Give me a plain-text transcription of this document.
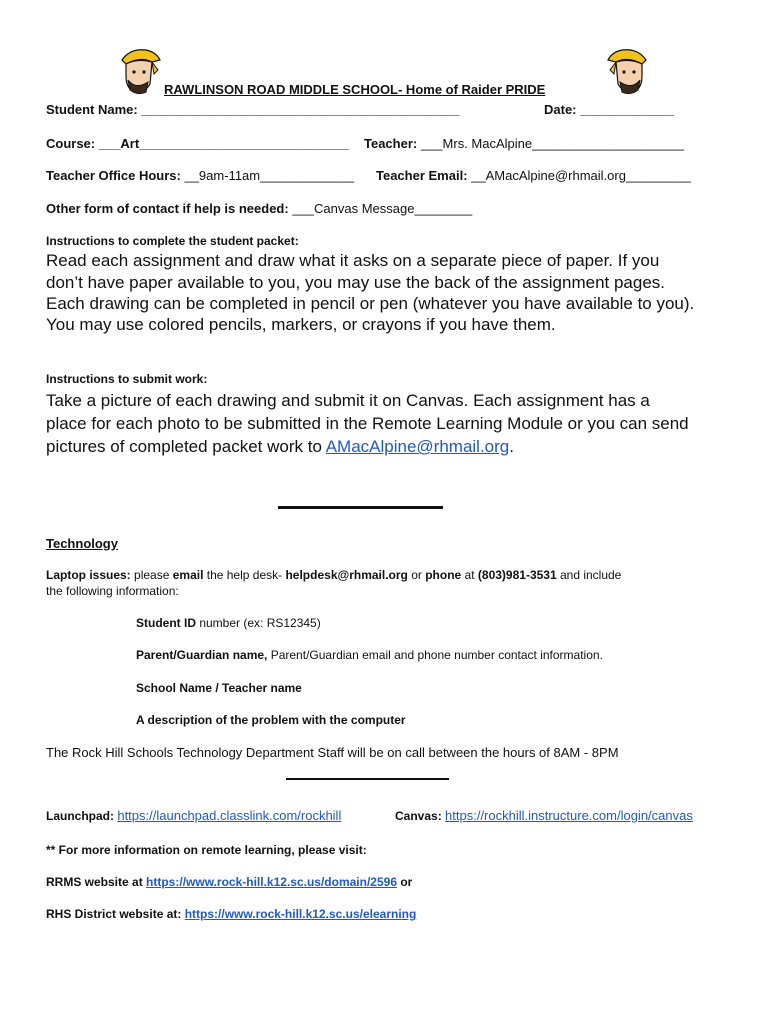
RAWLINSON ROAD MIDDLE SCHOOL- Home of Raider PRIDE
Student Name: ____________________________________________	Date: _____________
Course: ___Art_____________________________ Teacher: ___Mrs. MacAlpine_____________________
Teacher Office Hours: __9am-11am_____________ Teacher Email: __AMacAlpine@rhmail.org_________
Other form of contact if help is needed: ___Canvas Message________
Instructions to complete the student packet:
Read each assignment and draw what it asks on a separate piece of paper. If you
don’t have paper available to you, you may use the back of the assignment pages.
Each drawing can be completed in pencil or pen (whatever you have available to you).
You may use colored pencils, markers, or crayons if you have them.
Instructions to submit work:
Take a picture of each drawing and submit it on Canvas. Each assignment has a
place for each photo to be submitted in the Remote Learning Module or you can send
pictures of completed packet work to AMacAlpine@rhmail.org.
Technology
Laptop issues: please email the help desk- helpdesk@rhmail.org or phone at (803)981-3531 and include
the following information:
Student ID number (ex: RS12345)
Parent/Guardian name, Parent/Guardian email and phone number contact information.
School Name / Teacher name
A description of the problem with the computer
The Rock Hill Schools Technology Department Staff will be on call between the hours of 8AM - 8PM
Launchpad: https://launchpad.classlink.com/rockhill	Canvas: https://rockhill.instructure.com/login/canvas
** For more information on remote learning, please visit:
RRMS website at https://www.rock-hill.k12.sc.us/domain/2596 or
RHS District website at: https://www.rock-hill.k12.sc.us/elearning
